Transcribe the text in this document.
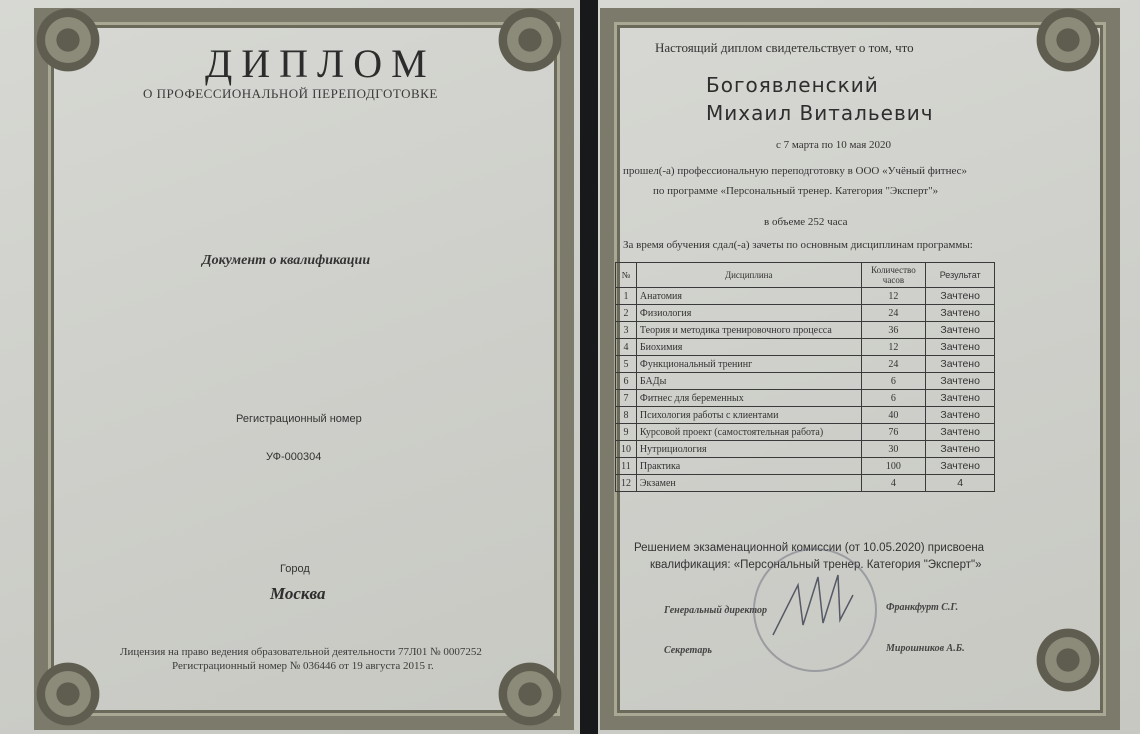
ДИПЛОМ
О ПРОФЕССИОНАЛЬНОЙ ПЕРЕПОДГОТОВКЕ
Документ о квалификации
Регистрационный номер
УФ-000304
Город
Москва
Лицензия на право ведения образовательной деятельности 77Л01 № 0007252
Регистрационный номер № 036446 от 19 августа 2015 г.
Настоящий диплом свидетельствует о том, что
Богоявленский
Михаил Витальевич
с 7 марта по 10 мая 2020
прошел(-а) профессиональную переподготовку в ООО «Учёный фитнес»
по программе «Персональный тренер. Категория "Эксперт"»
в объеме 252 часа
За время обучения сдал(-а) зачеты по основным дисциплинам программы:
№	Дисциплина	Количество часов	Результат
1	Анатомия	12	Зачтено
2	Физиология	24	Зачтено
3	Теория и методика тренировочного процесса	36	Зачтено
4	Биохимия	12	Зачтено
5	Функциональный тренинг	24	Зачтено
6	БАДы	6	Зачтено
7	Фитнес для беременных	6	Зачтено
8	Психология работы с клиентами	40	Зачтено
9	Курсовой проект (самостоятельная работа)	76	Зачтено
10	Нутрициология	30	Зачтено
11	Практика	100	Зачтено
12	Экзамен	4	4
Решением экзаменационной комиссии (от 10.05.2020) присвоена
квалификация: «Персональный тренер. Категория "Эксперт"»
Генеральный директор	Франкфурт С.Г.
Секретарь	Мирошников А.Б.
